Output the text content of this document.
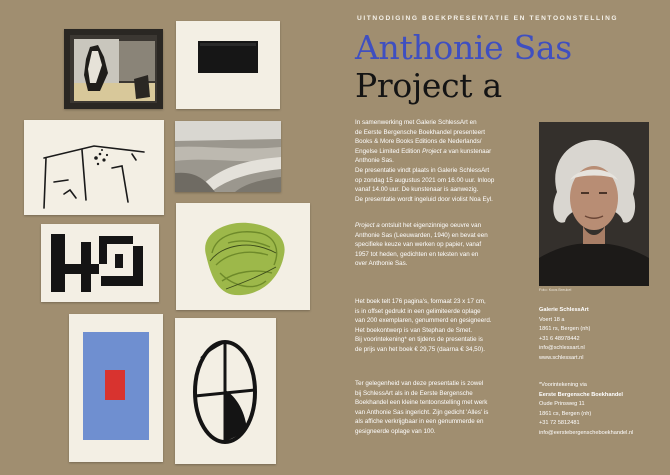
UITNODIGING BOEKPRESENTATIE EN TENTOONSTELLING
Anthonie Sas
Project a

In samenwerking met Galerie SchlessArt en
de Eerste Bergensche Boekhandel presenteert
Books & More Books Editions de Nederlands/
Engelse Limited Edition Project a van kunstenaar
Anthonie Sas.
De presentatie vindt plaats in Galerie SchlessArt
op zondag 15 augustus 2021 om 16.00 uur. Inloop
vanaf 14.00 uur. De kunstenaar is aanwezig.
De presentatie wordt ingeluid door violist Noa Eyl.

Project a ontsluit het eigenzinnige oeuvre van
Anthonie Sas (Leeuwarden, 1940) en bevat een
specifieke keuze van werken op papier, vanaf
1957 tot heden, gedichten en teksten van en
over Anthonie Sas.

Het boek telt 176 pagina's, formaat 23 x 17 cm,
is in offset gedrukt in een gelimiteerde oplage
van 200 exemplaren, genummerd en gesigneerd.
Het boekontwerp is van Stephan de Smet.
Bij voorintekening* en tijdens de presentatie is
de prijs van het boek € 29,75 (daarna € 34,50).

Ter gelegenheid van deze presentatie is zowel
bij SchlessArt als in de Eerste Bergensche
Boekhandel een kleine tentoonstelling met werk
van Anthonie Sas ingericht. Zijn gedicht 'Alles' is
als affiche verkrijgbaar in een genummerde en
gesigneerde oplage van 100.

Foto: Koos Breukel

Galerie SchlessArt

Voert 18 a
1861 rs, Bergen (nh)
+31 6 48978442
info@schlessart.nl
www.schlessart.nl

*Voorintekening via

Eerste Bergensche Boekhandel

Oude Prinsweg 11
1861 cs, Bergen (nh)
+31 72 5812481
info@eerstebergenscheboekhandel.nl
